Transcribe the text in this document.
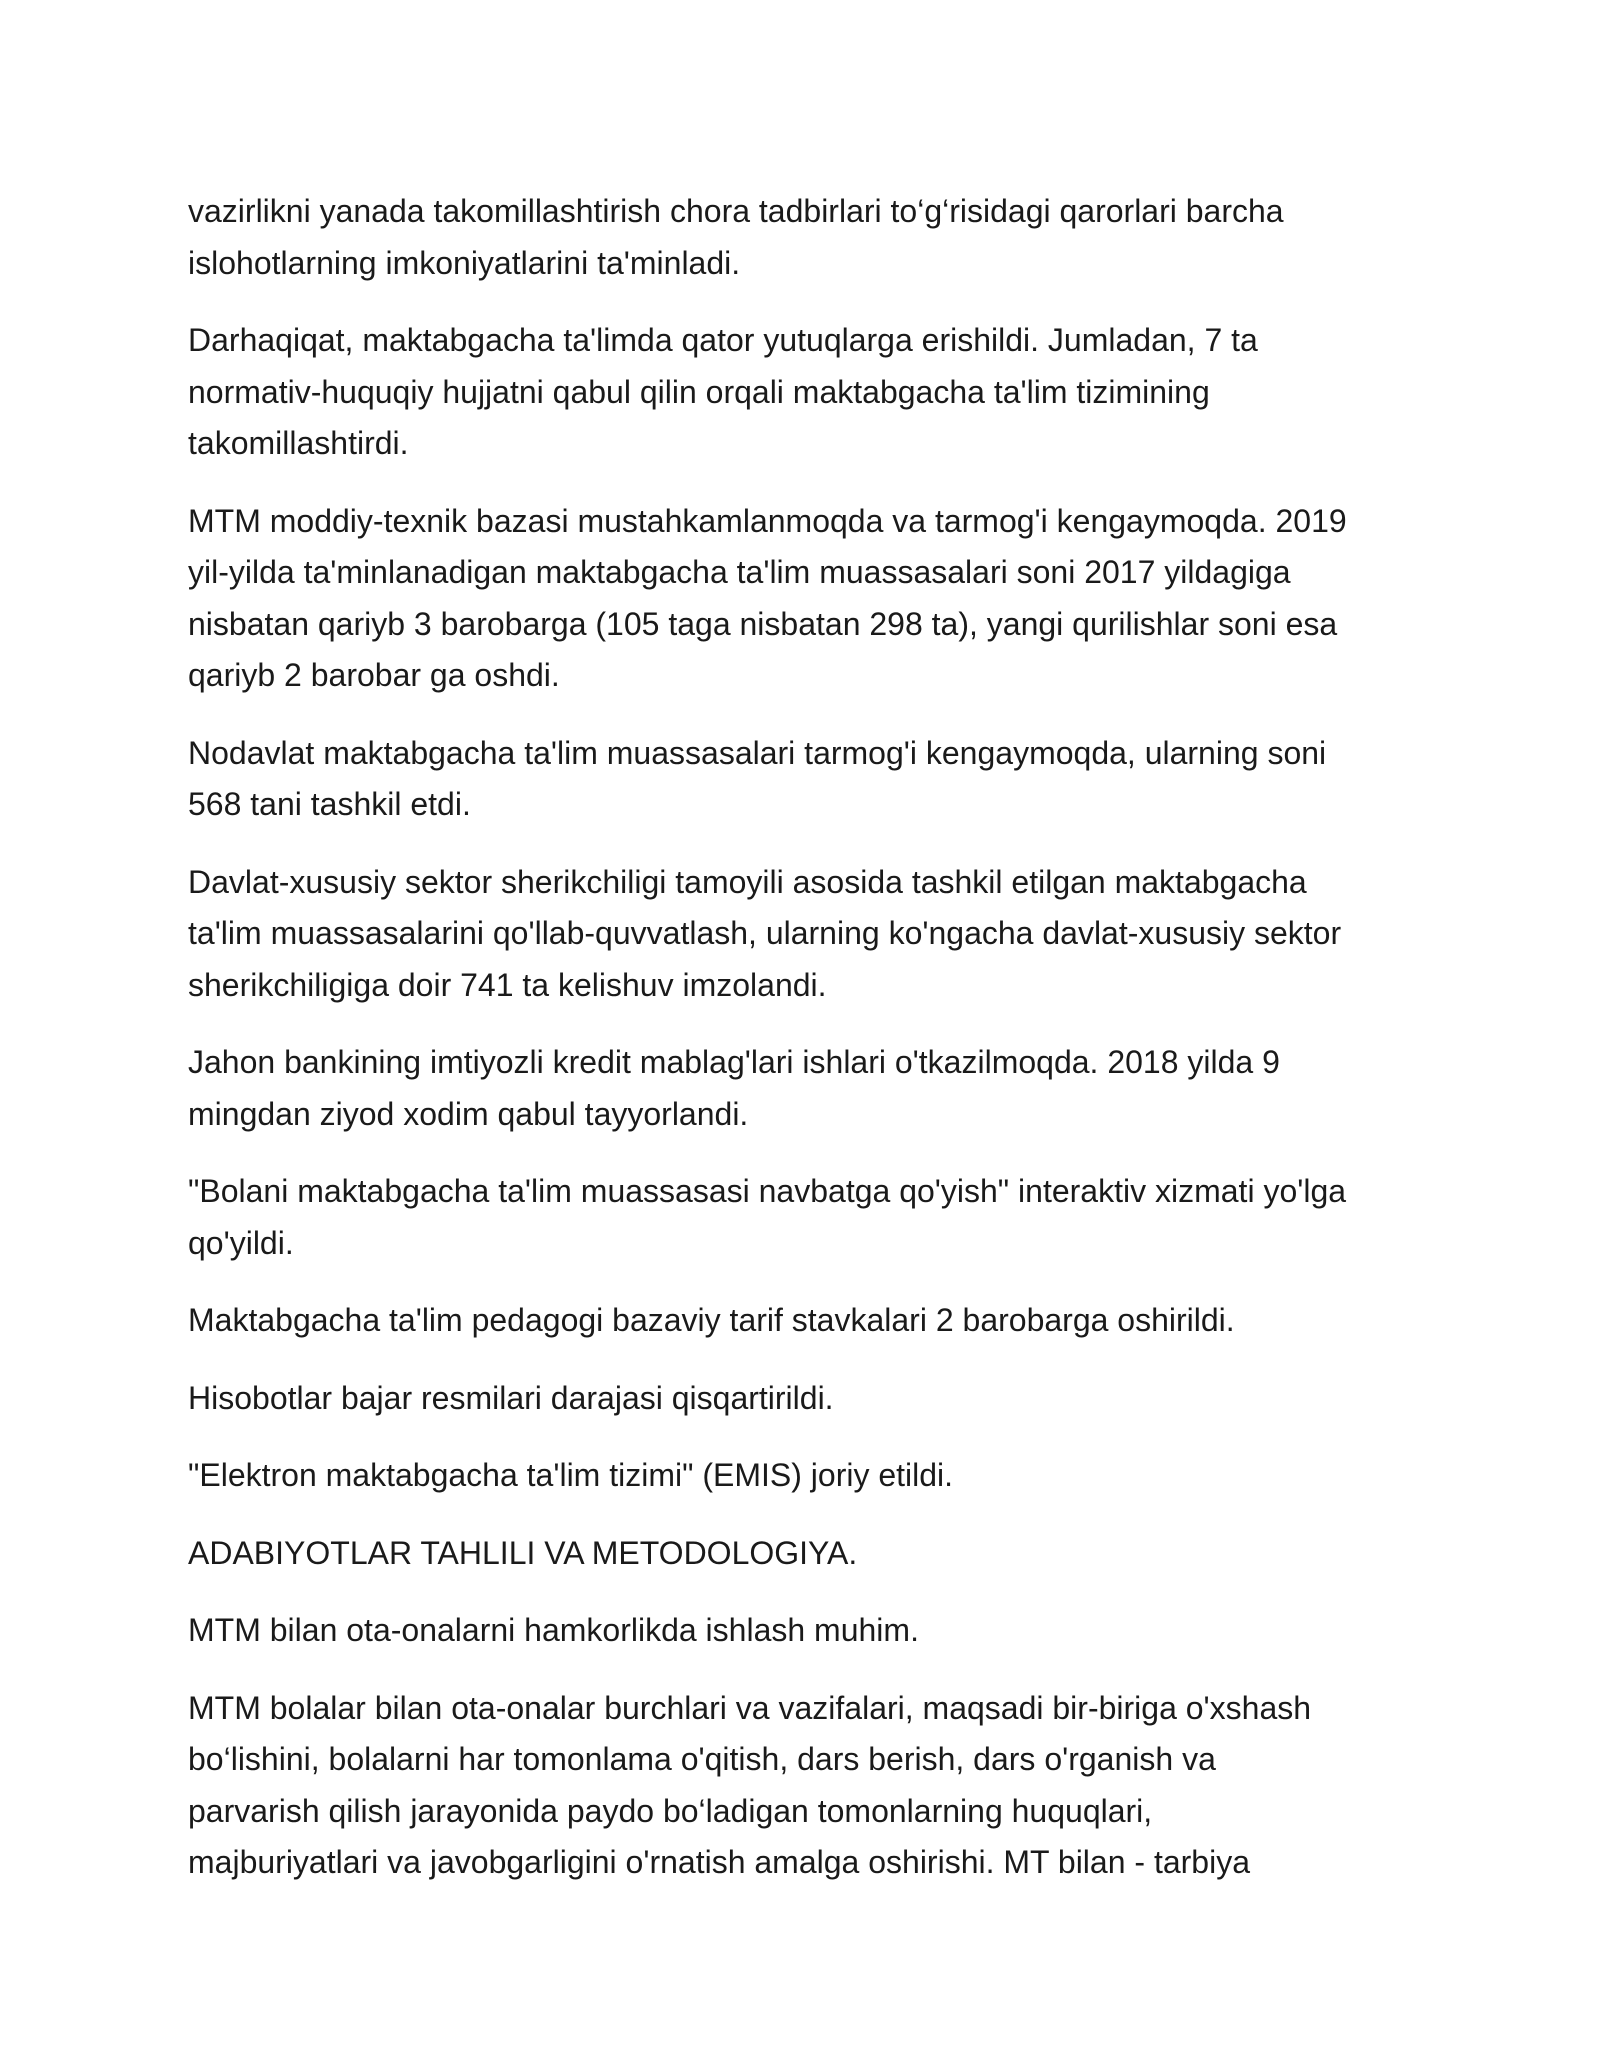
vazirlikni yanada takomillashtirish chora tadbirlari to‘g‘risidagi qarorlari barcha
islohotlarning imkoniyatlarini ta'minladi.

Darhaqiqat, maktabgacha ta'limda qator yutuqlarga erishildi. Jumladan, 7 ta
normativ-huquqiy hujjatni qabul qilin orqali maktabgacha ta'lim tizimining
takomillashtirdi.

MTM moddiy-texnik bazasi mustahkamlanmoqda va tarmog'i kengaymoqda. 2019
yil-yilda ta'minlanadigan maktabgacha ta'lim muassasalari soni 2017 yildagiga
nisbatan qariyb 3 barobarga (105 taga nisbatan 298 ta), yangi qurilishlar soni esa
qariyb 2 barobar ga oshdi.

Nodavlat maktabgacha ta'lim muassasalari tarmog'i kengaymoqda, ularning soni
568 tani tashkil etdi.

Davlat-xususiy sektor sherikchiligi tamoyili asosida tashkil etilgan maktabgacha
ta'lim muassasalarini qo'llab-quvvatlash, ularning ko'ngacha davlat-xususiy sektor
sherikchiligiga doir 741 ta kelishuv imzolandi.

Jahon bankining imtiyozli kredit mablag'lari ishlari o'tkazilmoqda. 2018 yilda 9
mingdan ziyod xodim qabul tayyorlandi.

"Bolani maktabgacha ta'lim muassasasi navbatga qo'yish" interaktiv xizmati yo'lga
qo'yildi.

Maktabgacha ta'lim pedagogi bazaviy tarif stavkalari 2 barobarga oshirildi.

Hisobotlar bajar resmilari darajasi qisqartirildi.

"Elektron maktabgacha ta'lim tizimi" (EMIS) joriy etildi.

ADABIYOTLAR TAHLILI VA METODOLOGIYA.

MTM bilan ota-onalarni hamkorlikda ishlash muhim.

MTM bolalar bilan ota-onalar burchlari va vazifalari, maqsadi bir-biriga o'xshash
bo‘lishini, bolalarni har tomonlama o'qitish, dars berish, dars o'rganish va
parvarish qilish jarayonida paydo bo‘ladigan tomonlarning huquqlari,
majburiyatlari va javobgarligini o'rnatish amalga oshirishi. MT bilan - tarbiya
